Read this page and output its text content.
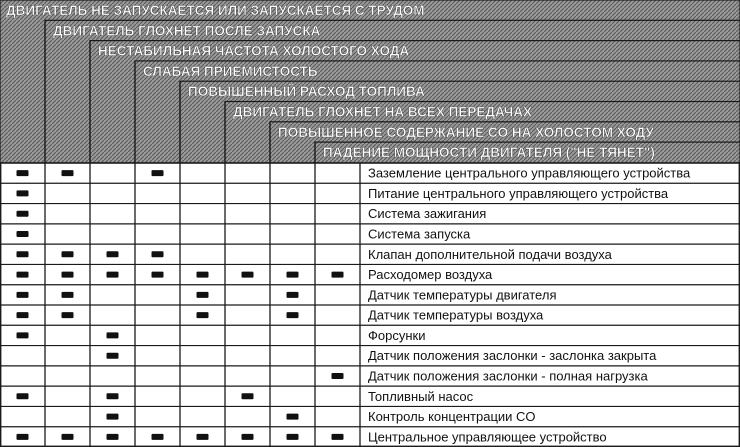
ДВИГАТЕЛЬ НЕ ЗАПУСКАЕТСЯ ИЛИ ЗАПУСКАЕТСЯ С ТРУДОМ
ДВИГАТЕЛЬ ГЛОХНЕТ ПОСЛЕ ЗАПУСКА
НЕСТАБИЛЬНАЯ ЧАСТОТА ХОЛОСТОГО ХОДА
СЛАБАЯ ПРИЕМИСТОСТЬ
ПОВЫШЕННЫЙ РАСХОД ТОПЛИВА
ДВИГАТЕЛЬ ГЛОХНЕТ НА ВСЕХ ПЕРЕДАЧАХ
ПОВЫШЕННОЕ СОДЕРЖАНИЕ CO НА ХОЛОСТОМ ХОДУ
ПАДЕНИЕ МОЩНОСТИ ДВИГАТЕЛЯ ("НЕ ТЯНЕТ")
Заземление центрального управляющего устройства
Питание центрального управляющего устройства
Система зажигания
Система запуска
Клапан дополнительной подачи воздуха
Расходомер воздуха
Датчик температуры двигателя
Датчик температуры воздуха
Форсунки
Датчик положения заслонки - заслонка закрыта
Датчик положения заслонки - полная нагрузка
Топливный насос
Контроль концентрации CO
Центральное управляющее устройство
